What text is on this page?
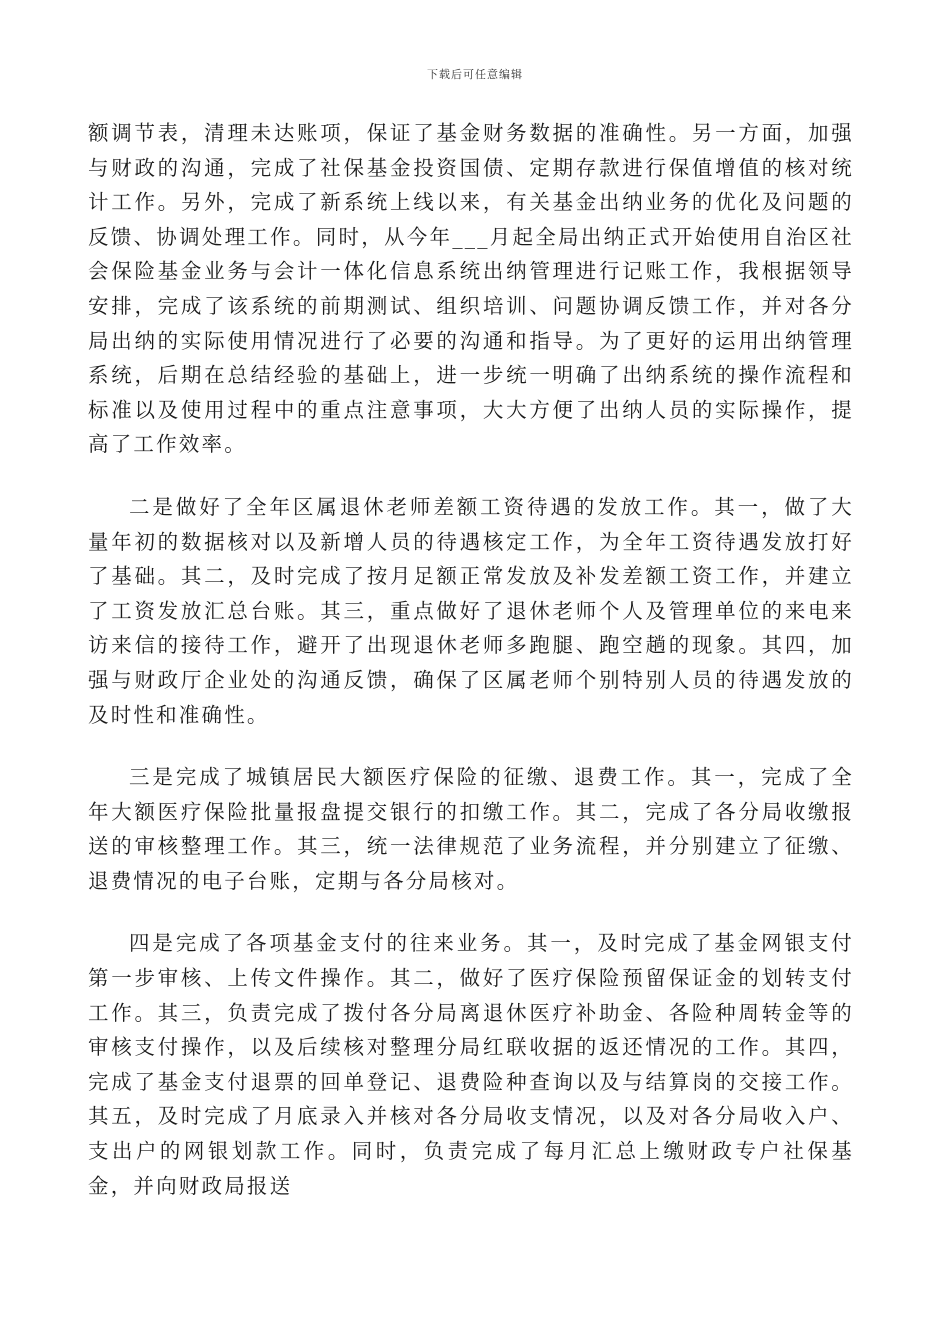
下载后可任意编辑

额调节表，清理未达账项，保证了基金财务数据的准确性。另一方面，加强与财政的沟通，完成了社保基金投资国债、定期存款进行保值增值的核对统计工作。另外，完成了新系统上线以来，有关基金出纳业务的优化及问题的反馈、协调处理工作。同时，从今年___月起全局出纳正式开始使用自治区社会保险基金业务与会计一体化信息系统出纳管理进行记账工作，我根据领导安排，完成了该系统的前期测试、组织培训、问题协调反馈工作，并对各分局出纳的实际使用情况进行了必要的沟通和指导。为了更好的运用出纳管理系统，后期在总结经验的基础上，进一步统一明确了出纳系统的操作流程和标准以及使用过程中的重点注意事项，大大方便了出纳人员的实际操作，提高了工作效率。

二是做好了全年区属退休老师差额工资待遇的发放工作。其一，做了大量年初的数据核对以及新增人员的待遇核定工作，为全年工资待遇发放打好了基础。其二，及时完成了按月足额正常发放及补发差额工资工作，并建立了工资发放汇总台账。其三，重点做好了退休老师个人及管理单位的来电来访来信的接待工作，避开了出现退休老师多跑腿、跑空趟的现象。其四，加强与财政厅企业处的沟通反馈，确保了区属老师个别特别人员的待遇发放的及时性和准确性。

三是完成了城镇居民大额医疗保险的征缴、退费工作。其一，完成了全年大额医疗保险批量报盘提交银行的扣缴工作。其二，完成了各分局收缴报送的审核整理工作。其三，统一法律规范了业务流程，并分别建立了征缴、退费情况的电子台账，定期与各分局核对。

四是完成了各项基金支付的往来业务。其一，及时完成了基金网银支付第一步审核、上传文件操作。其二，做好了医疗保险预留保证金的划转支付工作。其三，负责完成了拨付各分局离退休医疗补助金、各险种周转金等的审核支付操作，以及后续核对整理分局红联收据的返还情况的工作。其四，完成了基金支付退票的回单登记、退费险种查询以及与结算岗的交接工作。其五，及时完成了月底录入并核对各分局收支情况，以及对各分局收入户、支出户的网银划款工作。同时，负责完成了每月汇总上缴财政专户社保基金，并向财政局报送
